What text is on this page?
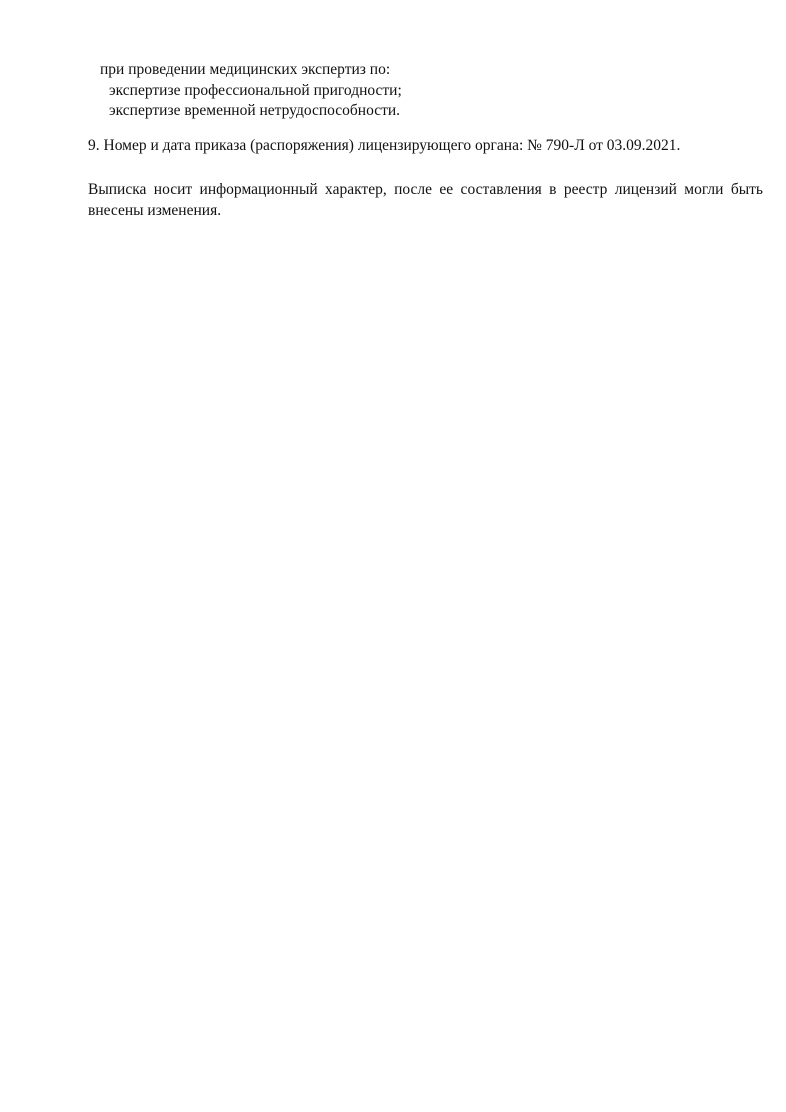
при проведении медицинских экспертиз по:
экспертизе профессиональной пригодности;
экспертизе временной нетрудоспособности.
9. Номер и дата приказа (распоряжения) лицензирующего органа: № 790-Л от 03.09.2021.
Выписка носит информационный характер, после ее составления в реестр лицензий могли быть
внесены изменения.
